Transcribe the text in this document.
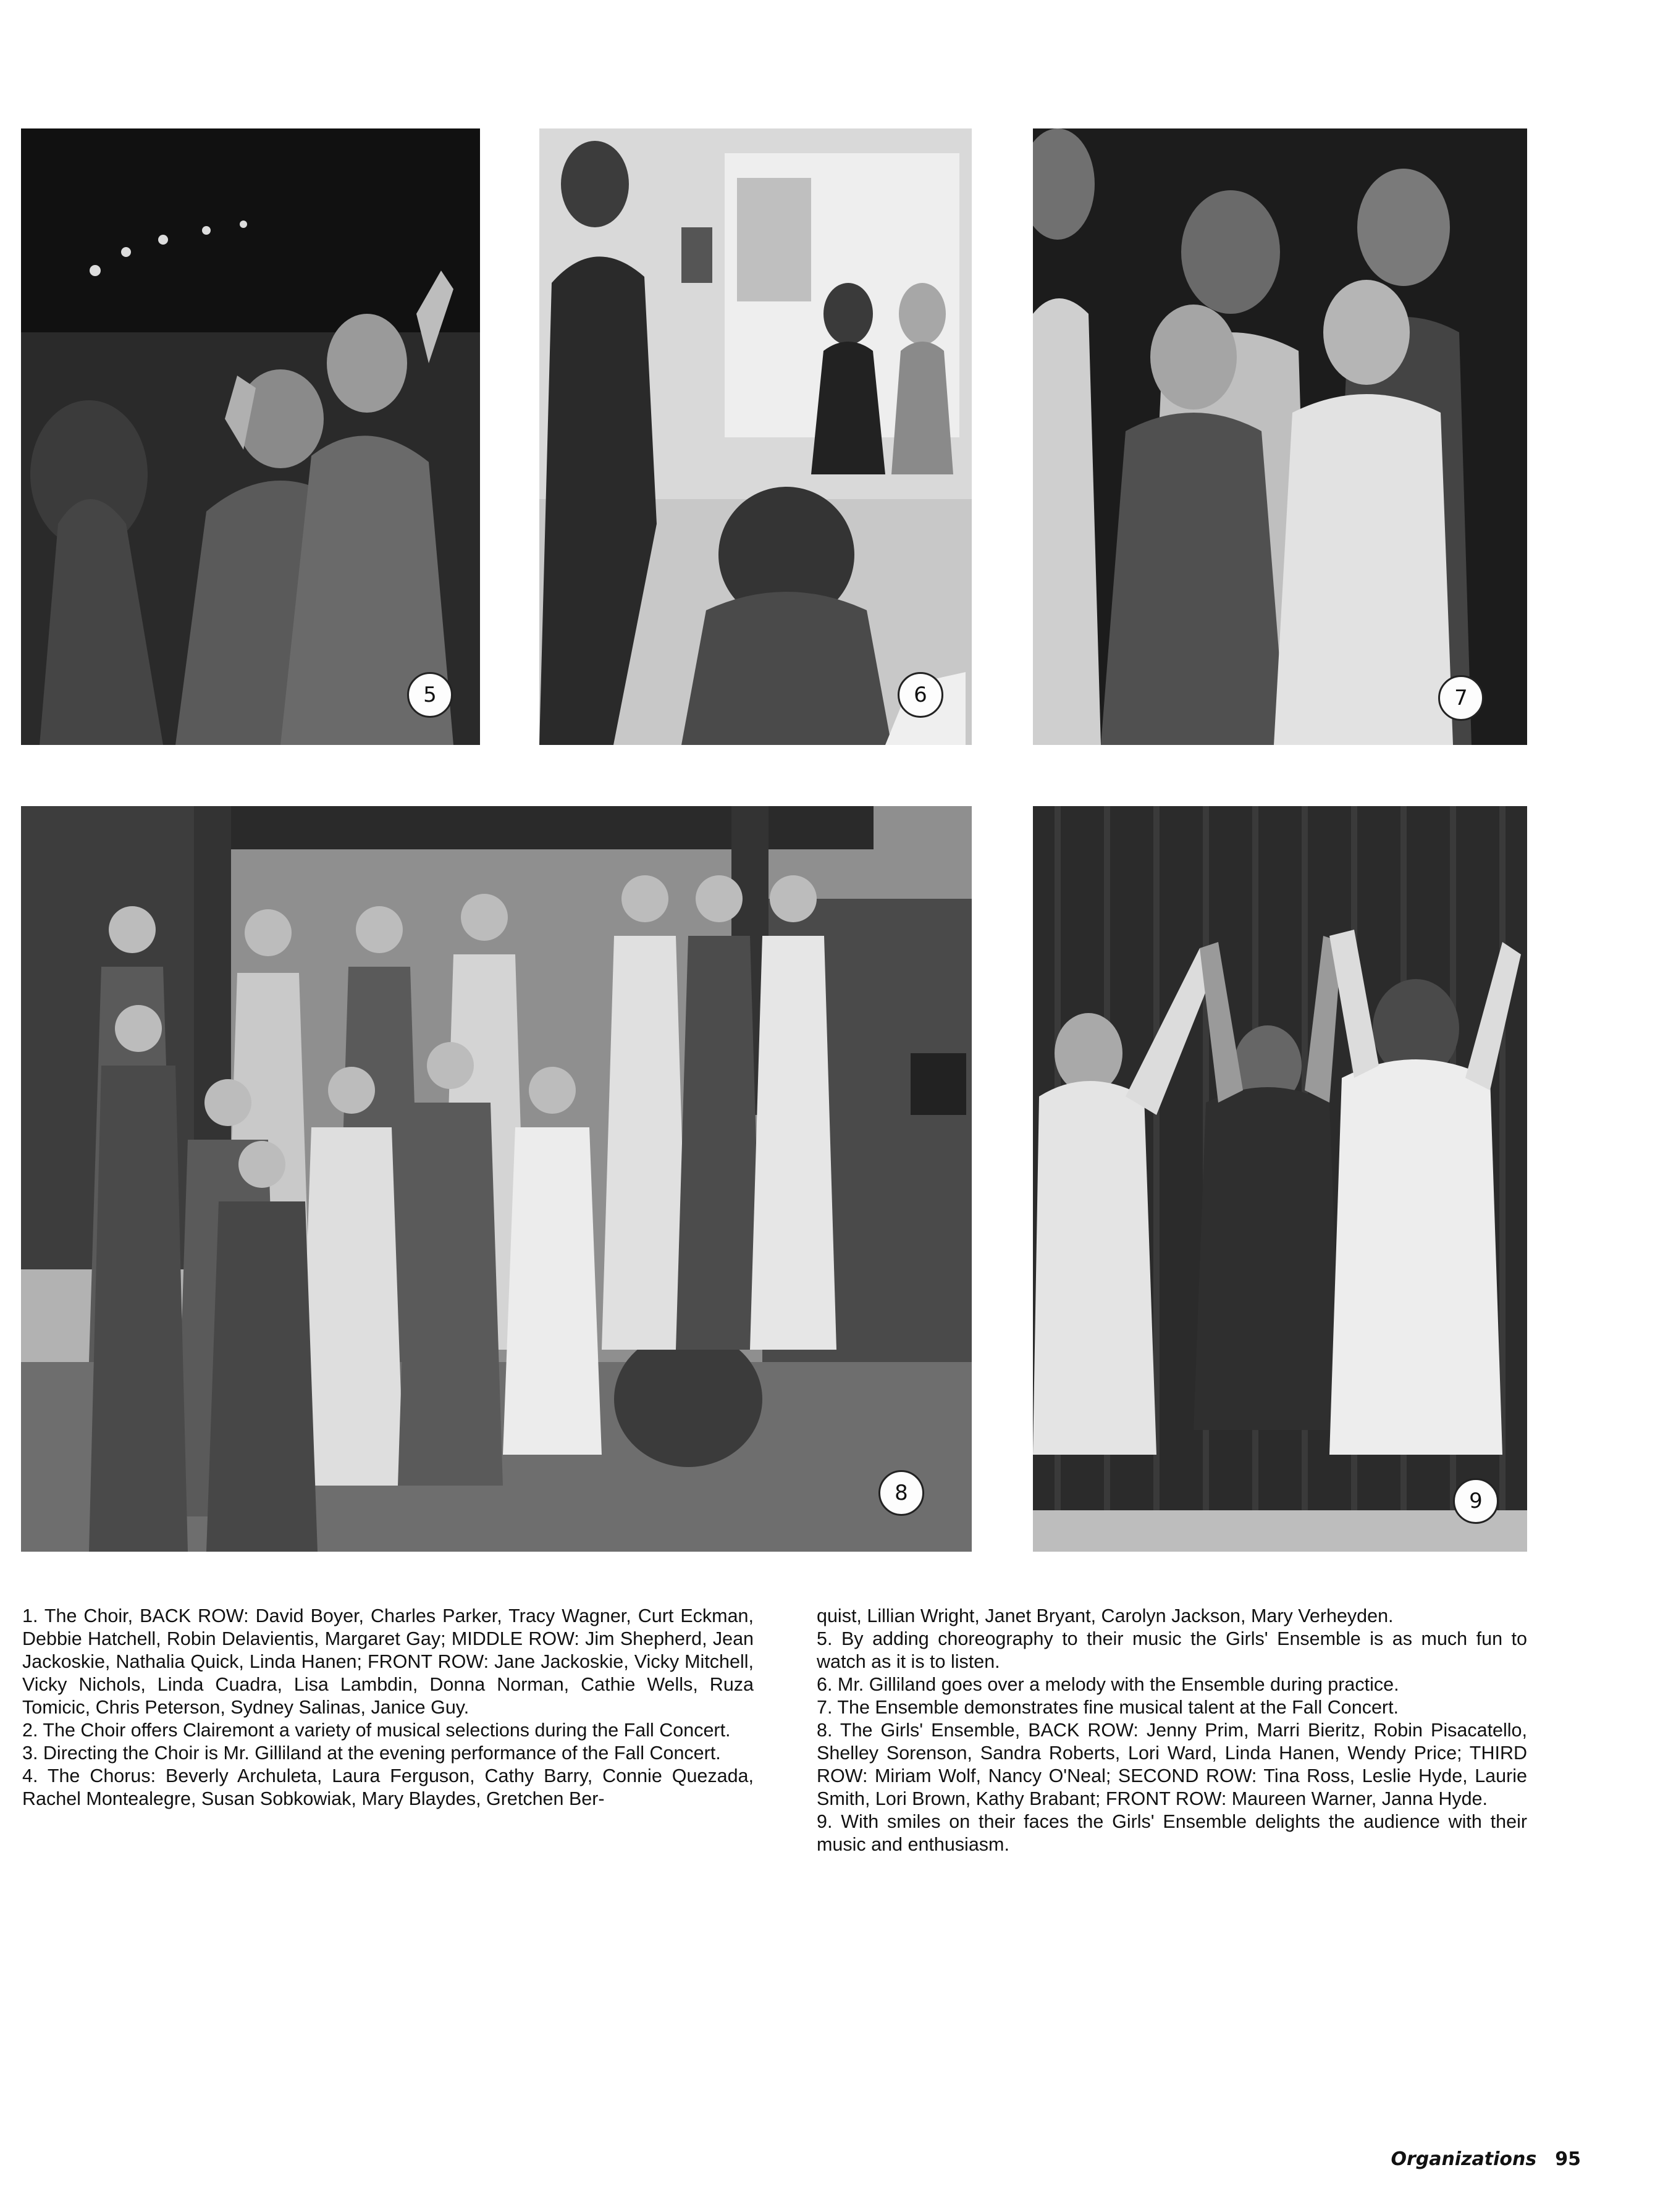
5	6	7
8	9

1. The Choir, BACK ROW: David Boyer, Charles Parker, Tracy Wagner, Curt Eckman, Debbie Hatchell, Robin Delavientis, Margaret Gay; MIDDLE ROW: Jim Shepherd, Jean Jackoskie, Nathalia Quick, Linda Hanen; FRONT ROW: Jane Jackoskie, Vicky Mitchell, Vicky Nichols, Linda Cuadra, Lisa Lambdin, Donna Norman, Cathie Wells, Ruza Tomicic, Chris Peterson, Sydney Salinas, Janice Guy.

2. The Choir offers Clairemont a variety of musical selections during the Fall Concert.

3. Directing the Choir is Mr. Gilliland at the evening performance of the Fall Concert.

4. The Chorus: Beverly Archuleta, Laura Ferguson, Cathy Barry, Connie Quezada, Rachel Montealegre, Susan Sobkowiak, Mary Blaydes, Gretchen Ber-

quist, Lillian Wright, Janet Bryant, Carolyn Jackson, Mary Verheyden.

5. By adding choreography to their music the Girls' Ensemble is as much fun to watch as it is to listen.

6. Mr. Gilliland goes over a melody with the Ensemble during practice.

7. The Ensemble demonstrates fine musical talent at the Fall Concert.

8. The Girls' Ensemble, BACK ROW: Jenny Prim, Marri Bieritz, Robin Pisacatello, Shelley Sorenson, Sandra Roberts, Lori Ward, Linda Hanen, Wendy Price; THIRD ROW: Miriam Wolf, Nancy O'Neal; SECOND ROW: Tina Ross, Leslie Hyde, Laurie Smith, Lori Brown, Kathy Brabant; FRONT ROW: Maureen Warner, Janna Hyde.

9. With smiles on their faces the Girls' Ensemble delights the audience with their music and enthusiasm.

Organizations 95
